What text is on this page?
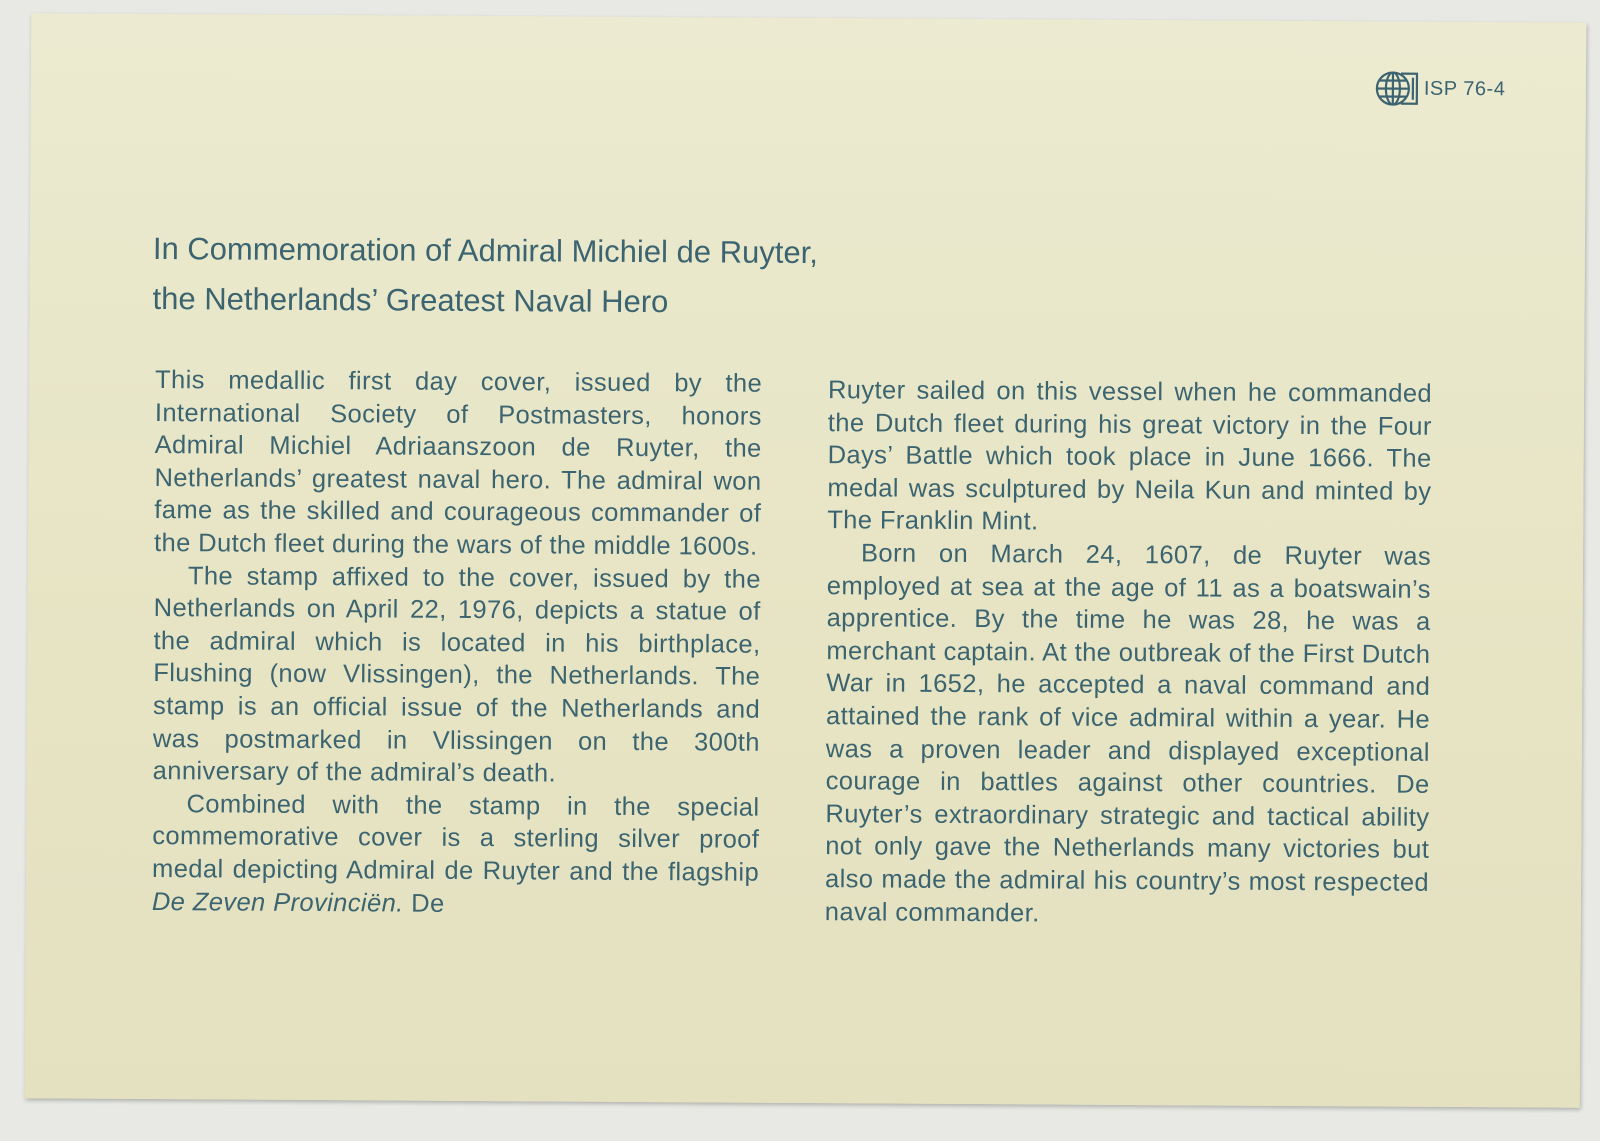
ISP 76-4
In Commemoration of Admiral Michiel de Ruyter,
the Netherlands’ Greatest Naval Hero

This medallic first day cover, issued by the International Society of Postmasters, honors Admiral Michiel Adriaanszoon de Ruyter, the Netherlands’ greatest naval hero. The admiral won fame as the skilled and courageous commander of the Dutch fleet during the wars of the middle 1600s.

The stamp affixed to the cover, issued by the Netherlands on April 22, 1976, depicts a statue of the admiral which is located in his birthplace, Flushing (now Vlissingen), the Netherlands. The stamp is an official issue of the Netherlands and was postmarked in Vlissingen on the 300th anniversary of the admiral’s death.

Combined with the stamp in the special commemorative cover is a sterling silver proof medal depicting Admiral de Ruyter and the flagship De Zeven Provinciën. De

Ruyter sailed on this vessel when he commanded the Dutch fleet during his great victory in the Four Days’ Battle which took place in June 1666. The medal was sculptured by Neila Kun and minted by The Franklin Mint.

Born on March 24, 1607, de Ruyter was employed at sea at the age of 11 as a boatswain’s apprentice. By the time he was 28, he was a merchant captain. At the outbreak of the First Dutch War in 1652, he accepted a naval command and attained the rank of vice admiral within a year. He was a proven leader and displayed exceptional courage in battles against other countries. De Ruyter’s extraordinary strategic and tactical ability not only gave the Netherlands many victories but also made the admiral his country’s most respected naval commander.
